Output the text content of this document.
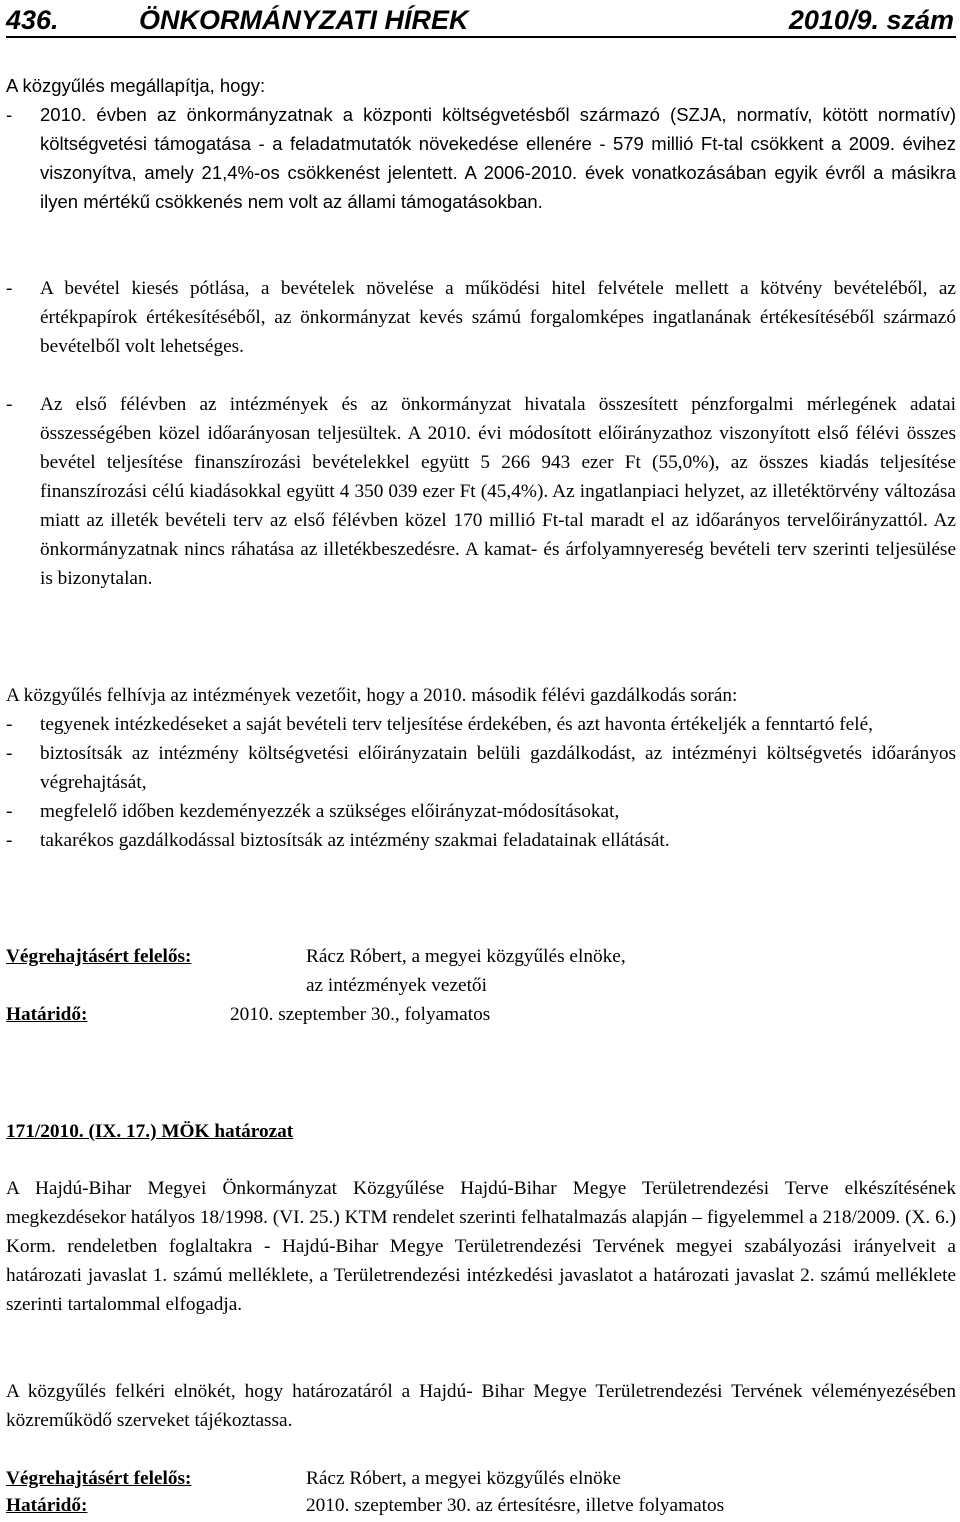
436.	ÖNKORMÁNYZATI HÍREK	2010/9. szám
A közgyűlés megállapítja, hogy:
- 2010. évben az önkormányzatnak a központi költségvetésből származó (SZJA, normatív, kötött normatív) költségvetési támogatása - a feladatmutatók növekedése ellenére - 579 millió Ft-tal csökkent a 2009. évihez viszonyítva, amely 21,4%-os csökkenést jelentett. A 2006-2010. évek vonatkozásában egyik évről a másikra ilyen mértékű csökkenés nem volt az állami támogatásokban.
- A bevétel kiesés pótlása, a bevételek növelése a működési hitel felvétele mellett a kötvény bevételéből, az értékpapírok értékesítéséből, az önkormányzat kevés számú forgalomképes ingatlanának értékesítéséből származó bevételből volt lehetséges.
- Az első félévben az intézmények és az önkormányzat hivatala összesített pénzforgalmi mérlegének adatai összességében közel időarányosan teljesültek. A 2010. évi módosított előirányzathoz viszonyított első félévi összes bevétel teljesítése finanszírozási bevételekkel együtt 5 266 943 ezer Ft (55,0%), az összes kiadás teljesítése finanszírozási célú kiadásokkal együtt 4 350 039 ezer Ft (45,4%). Az ingatlanpiaci helyzet, az illetéktörvény változása miatt az illeték bevételi terv az első félévben közel 170 millió Ft-tal maradt el az időarányos tervelőirányzattól. Az önkormányzatnak nincs ráhatása az illetékbeszedésre. A kamat- és árfolyamnyereség bevételi terv szerinti teljesülése is bizonytalan.
A közgyűlés felhívja az intézmények vezetőit, hogy a 2010. második félévi gazdálkodás során:
- tegyenek intézkedéseket a saját bevételi terv teljesítése érdekében, és azt havonta értékeljék a fenntartó felé,
- biztosítsák az intézmény költségvetési előirányzatain belüli gazdálkodást, az intézményi költségvetés időarányos végrehajtását,
- megfelelő időben kezdeményezzék a szükséges előirányzat-módosításokat,
- takarékos gazdálkodással biztosítsák az intézmény szakmai feladatainak ellátását.
Végrehajtásért felelős:	Rácz Róbert, a megyei közgyűlés elnöke,
az intézmények vezetői
Határidő:	2010. szeptember 30., folyamatos
171/2010. (IX. 17.) MÖK határozat
A Hajdú-Bihar Megyei Önkormányzat Közgyűlése Hajdú-Bihar Megye Területrendezési Terve elkészítésének megkezdésekor hatályos 18/1998. (VI. 25.) KTM rendelet szerinti felhatalmazás alapján – figyelemmel a 218/2009. (X. 6.) Korm. rendeletben foglaltakra - Hajdú-Bihar Megye Területrendezési Tervének megyei szabályozási irányelveit a határozati javaslat 1. számú melléklete, a Területrendezési intézkedési javaslatot a határozati javaslat 2. számú melléklete szerinti tartalommal elfogadja.
A közgyűlés felkéri elnökét, hogy határozatáról a Hajdú- Bihar Megye Területrendezési Tervének véleményezésében közreműködő szerveket tájékoztassa.
Végrehajtásért felelős:	Rácz Róbert, a megyei közgyűlés elnöke
Határidő:	2010. szeptember 30. az értesítésre, illetve folyamatos
